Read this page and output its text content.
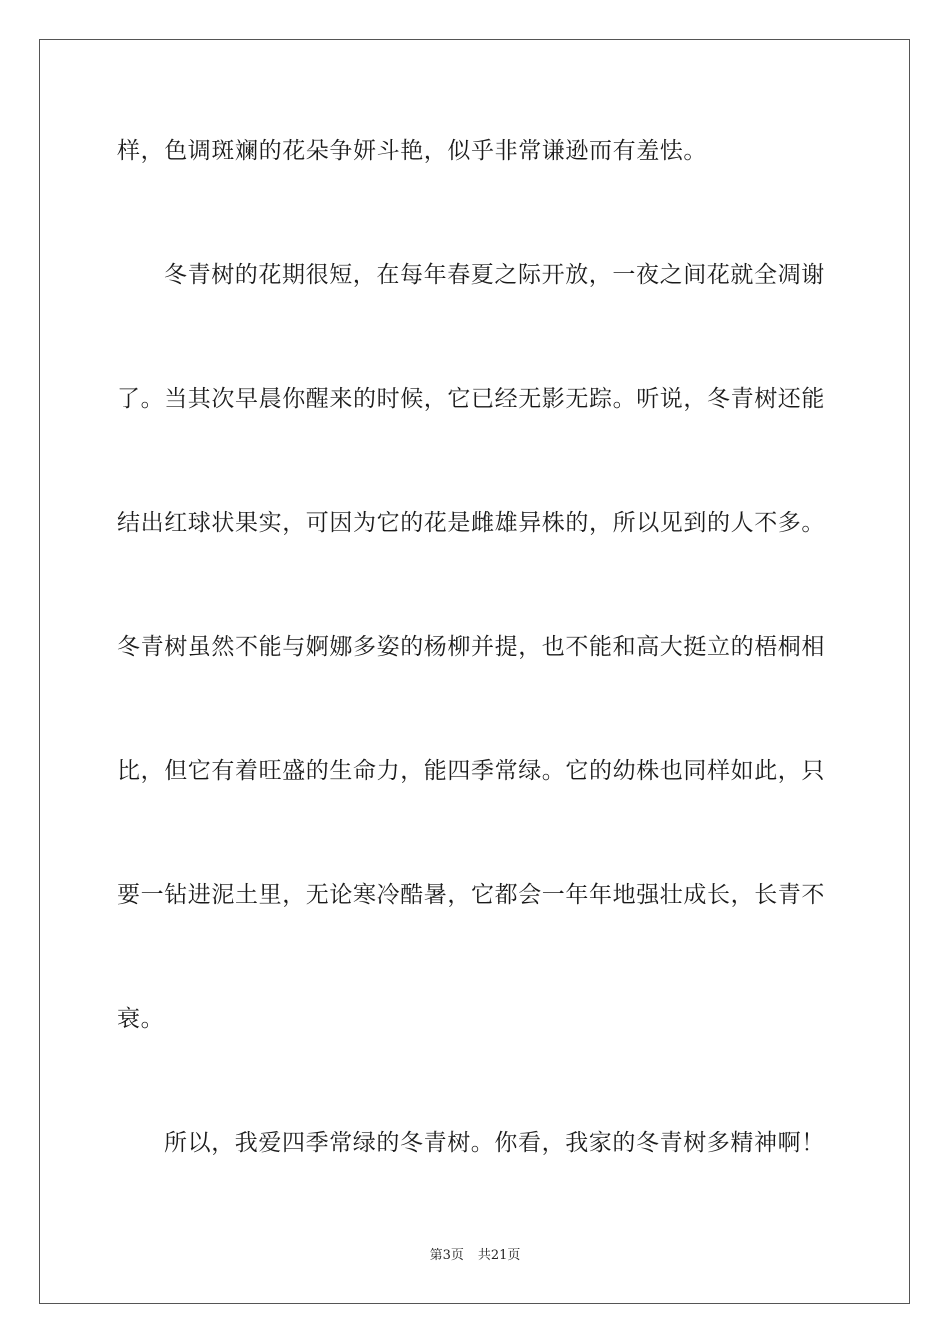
样，色调斑斓的花朵争妍斗艳，似乎非常谦逊而有羞怯。
冬青树的花期很短，在每年春夏之际开放，一夜之间花就全凋谢
了。当其次早晨你醒来的时候，它已经无影无踪。听说，冬青树还能
结出红球状果实，可因为它的花是雌雄异株的，所以见到的人不多。
冬青树虽然不能与婀娜多姿的杨柳并提，也不能和高大挺立的梧桐相
比，但它有着旺盛的生命力，能四季常绿。它的幼株也同样如此，只
要一钻进泥土里，无论寒冷酷暑，它都会一年年地强壮成长，长青不
衰。
所以，我爱四季常绿的冬青树。你看，我家的冬青树多精神啊！
第3页 共21页
